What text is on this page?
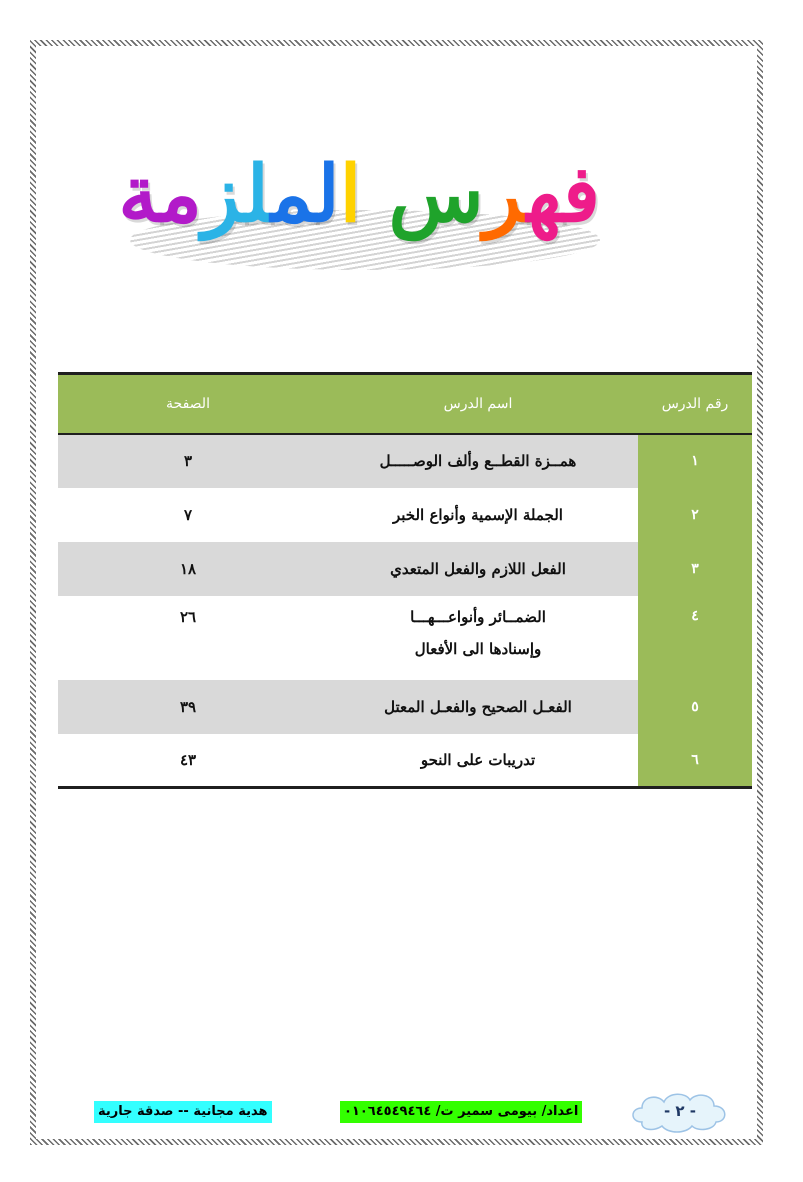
فهرس الملزمة
رقم الدرس	اسم الدرس	الصفحة
١	همــزة القطــع وألف الوصـــــل	٣
٢	الجملة الإسمية وأنواع الخبر	٧
٣	الفعل اللازم والفعل المتعدي	١٨
٤	الضمــائر وأنواعـــهـــا
وإسنادها الى الأفعال	٢٦
٥	الفعـل الصحيح والفعـل المعتل	٣٩
٦	تدريبات على النحو	٤٣
هدية مجانية -- صدقة جارية	اعداد/ بيومى سمير ت/ ٠١٠٦٤٥٤٩٤٦٤	- ٢ -
